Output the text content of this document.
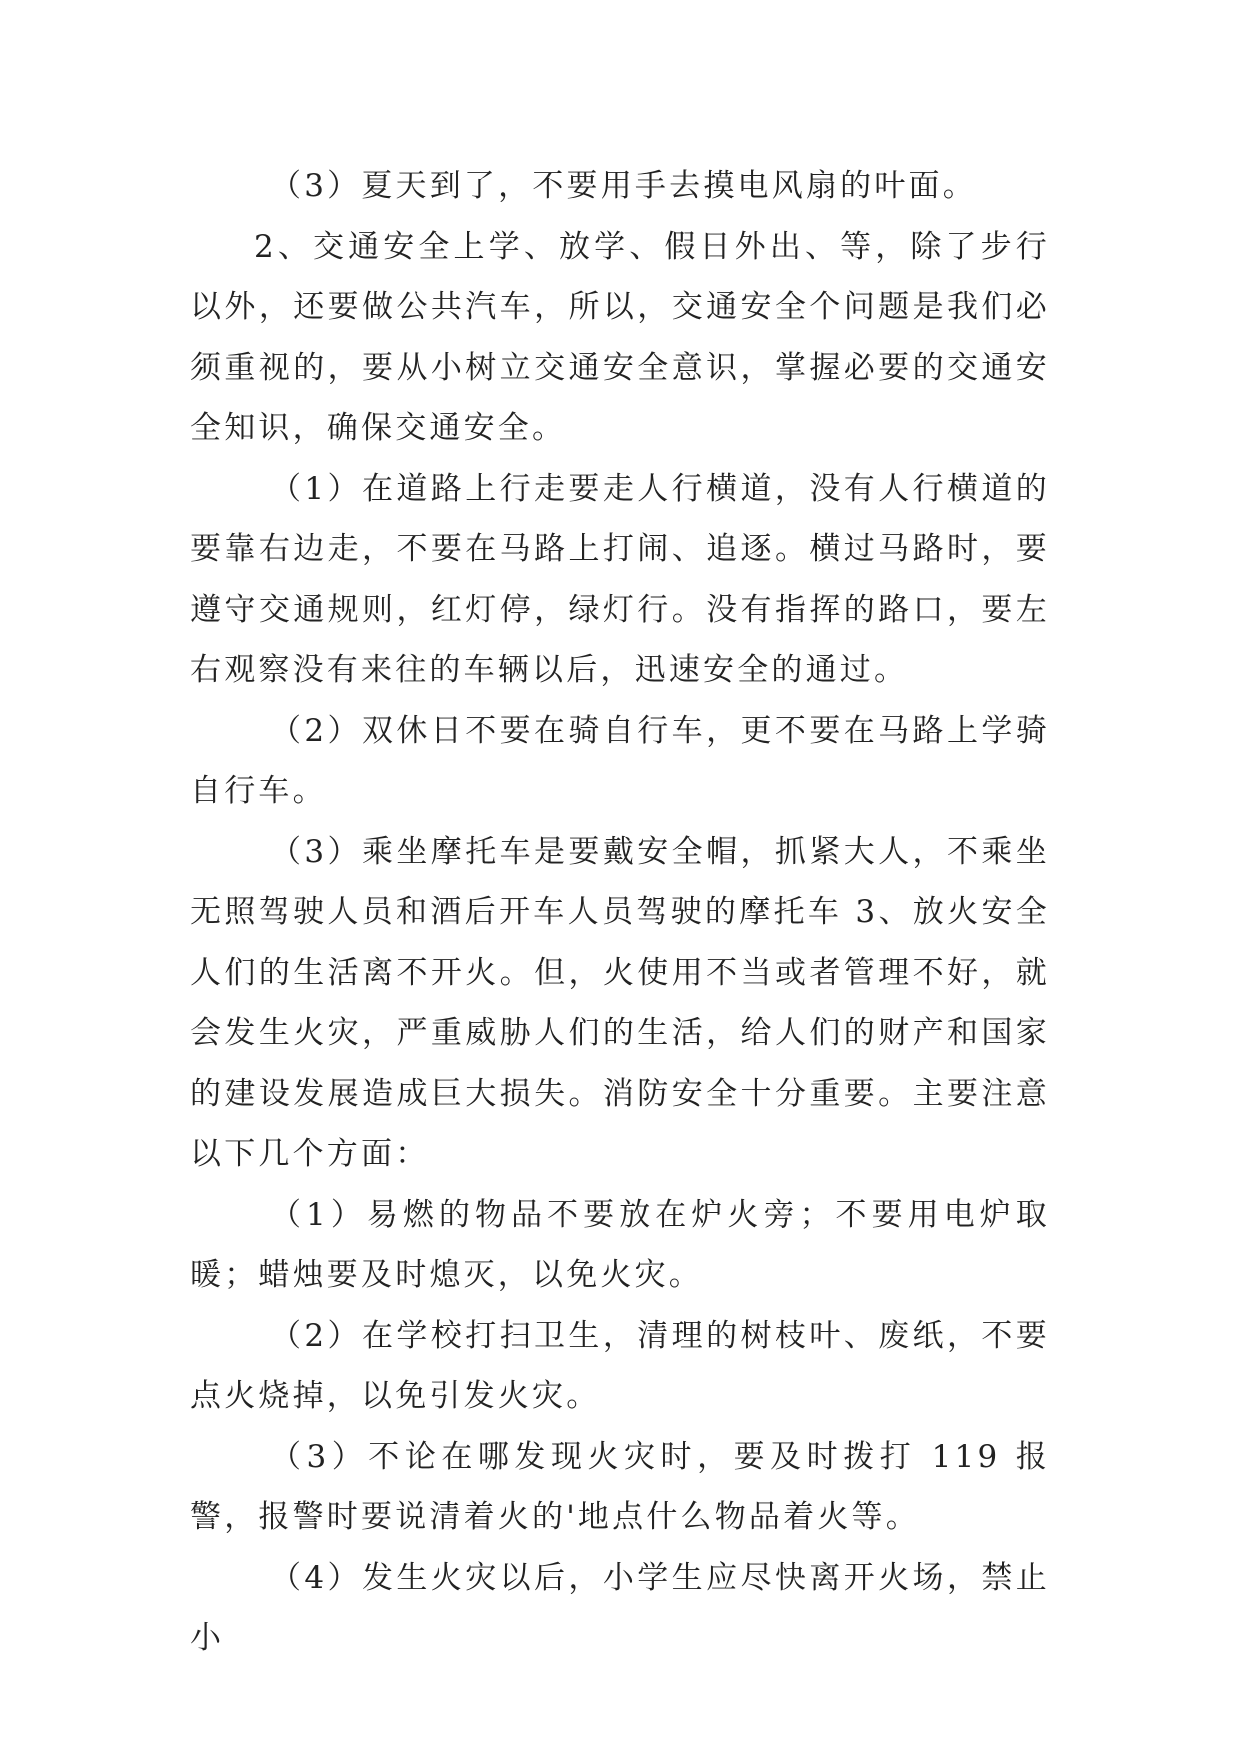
（3）夏天到了，不要用手去摸电风扇的叶面。

2、交通安全上学、放学、假日外出、等，除了步行以外，还要做公共汽车，所以，交通安全个问题是我们必须重视的，要从小树立交通安全意识，掌握必要的交通安全知识，确保交通安全。

（1）在道路上行走要走人行横道，没有人行横道的要靠右边走，不要在马路上打闹、追逐。横过马路时，要遵守交通规则，红灯停，绿灯行。没有指挥的路口，要左右观察没有来往的车辆以后，迅速安全的通过。

（2）双休日不要在骑自行车，更不要在马路上学骑自行车。

（3）乘坐摩托车是要戴安全帽，抓紧大人，不乘坐无照驾驶人员和酒后开车人员驾驶的摩托车 3、放火安全人们的生活离不开火。但，火使用不当或者管理不好，就会发生火灾，严重威胁人们的生活，给人们的财产和国家的建设发展造成巨大损失。消防安全十分重要。主要注意以下几个方面：

（1）易燃的物品不要放在炉火旁；不要用电炉取暖；蜡烛要及时熄灭，以免火灾。

（2）在学校打扫卫生，清理的树枝叶、废纸，不要点火烧掉，以免引发火灾。

（3）不论在哪发现火灾时，要及时拨打 119 报警，报警时要说清着火的'地点什么物品着火等。

（4）发生火灾以后，小学生应尽快离开火场，禁止小
